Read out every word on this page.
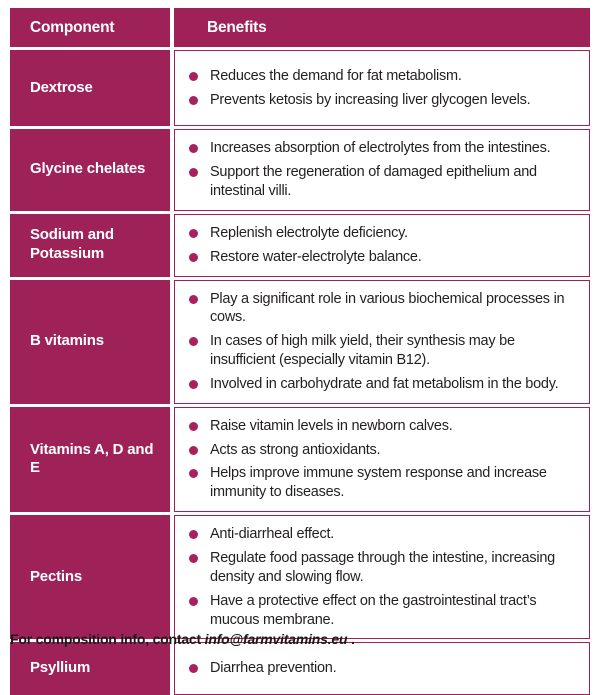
Component	Benefits
Dextrose
Reduces the demand for fat metabolism.
Prevents ketosis by increasing liver glycogen levels.
Glycine chelates
Increases absorption of electrolytes from the intestines.
Support the regeneration of damaged epithelium and intestinal villi.
Sodium and Potassium
Replenish electrolyte deficiency.
Restore water-electrolyte balance.
B vitamins
Play a significant role in various biochemical processes in cows.
In cases of high milk yield, their synthesis may be insufficient (especially vitamin B12).
Involved in carbohydrate and fat metabolism in the body.
Vitamins A, D and E
Raise vitamin levels in newborn calves.
Acts as strong antioxidants.
Helps improve immune system response and increase immunity to diseases.
Pectins
Anti-diarrheal effect.
Regulate food passage through the intestine, increasing density and slowing flow.
Have a protective effect on the gastrointestinal tract’s mucous membrane.
Psyllium	Diarrhea prevention.
For composition info, contact info@farmvitamins.eu .
